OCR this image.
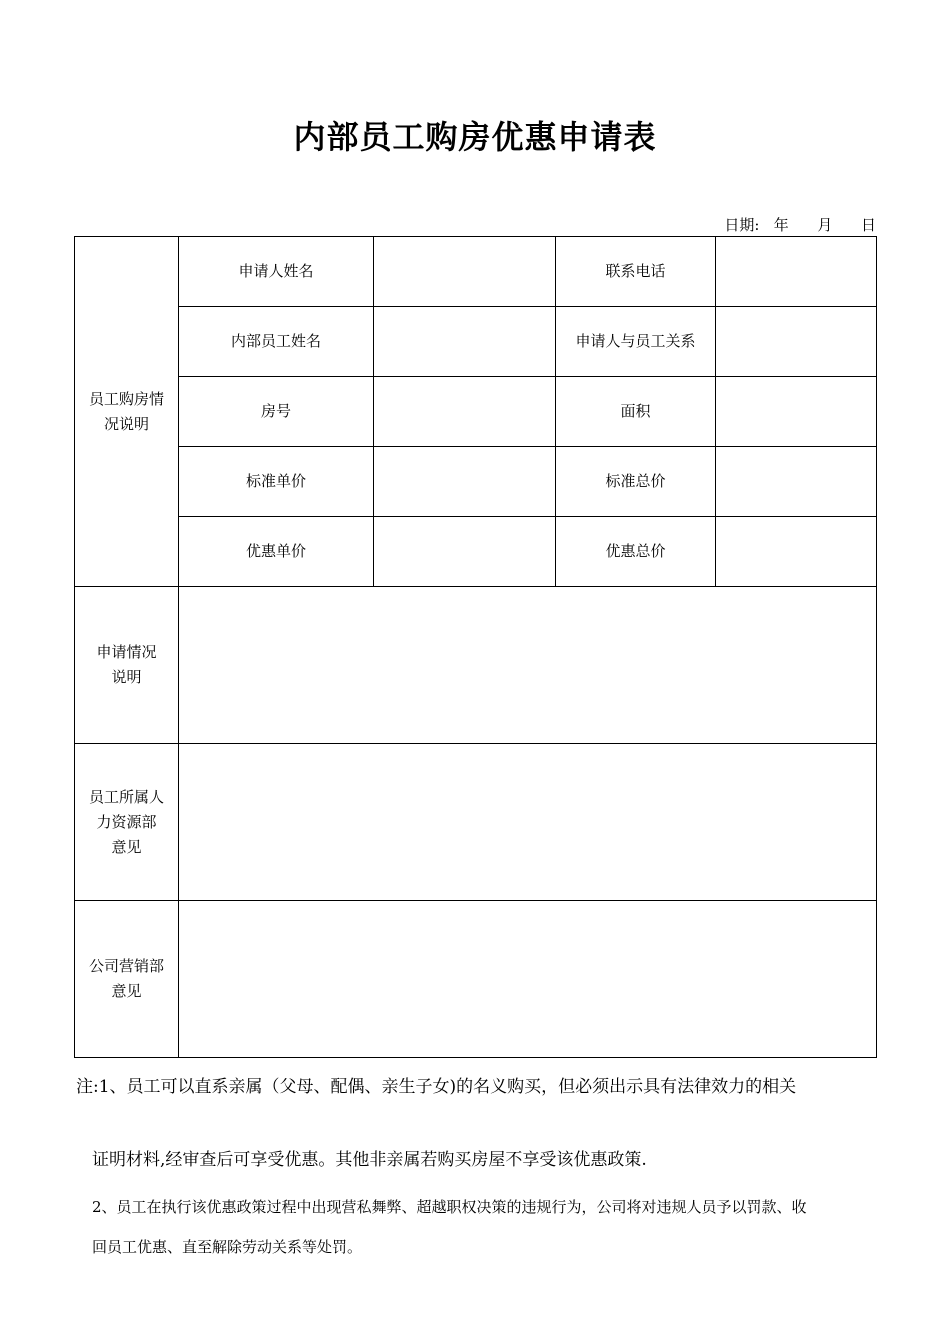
内部员工购房优惠申请表
日期:   年      月      日
员工购房情
况说明	申请人姓名		联系电话	
	内部员工姓名		申请人与员工关系	
	房号		面积	
	标准单价		标准总价	
	优惠单价		优惠总价	

申请情况
说明				

员工所属人
力资源部
意见				

公司营销部
意见				

注:1、员工可以直系亲属（父母、配偶、亲生子女)的名义购买，但必须出示具有法律效力的相关
证明材料,经审查后可享受优惠。其他非亲属若购买房屋不享受该优惠政策.
2、员工在执行该优惠政策过程中出现营私舞弊、超越职权决策的违规行为，公司将对违规人员予以罚款、收
回员工优惠、直至解除劳动关系等处罚。
